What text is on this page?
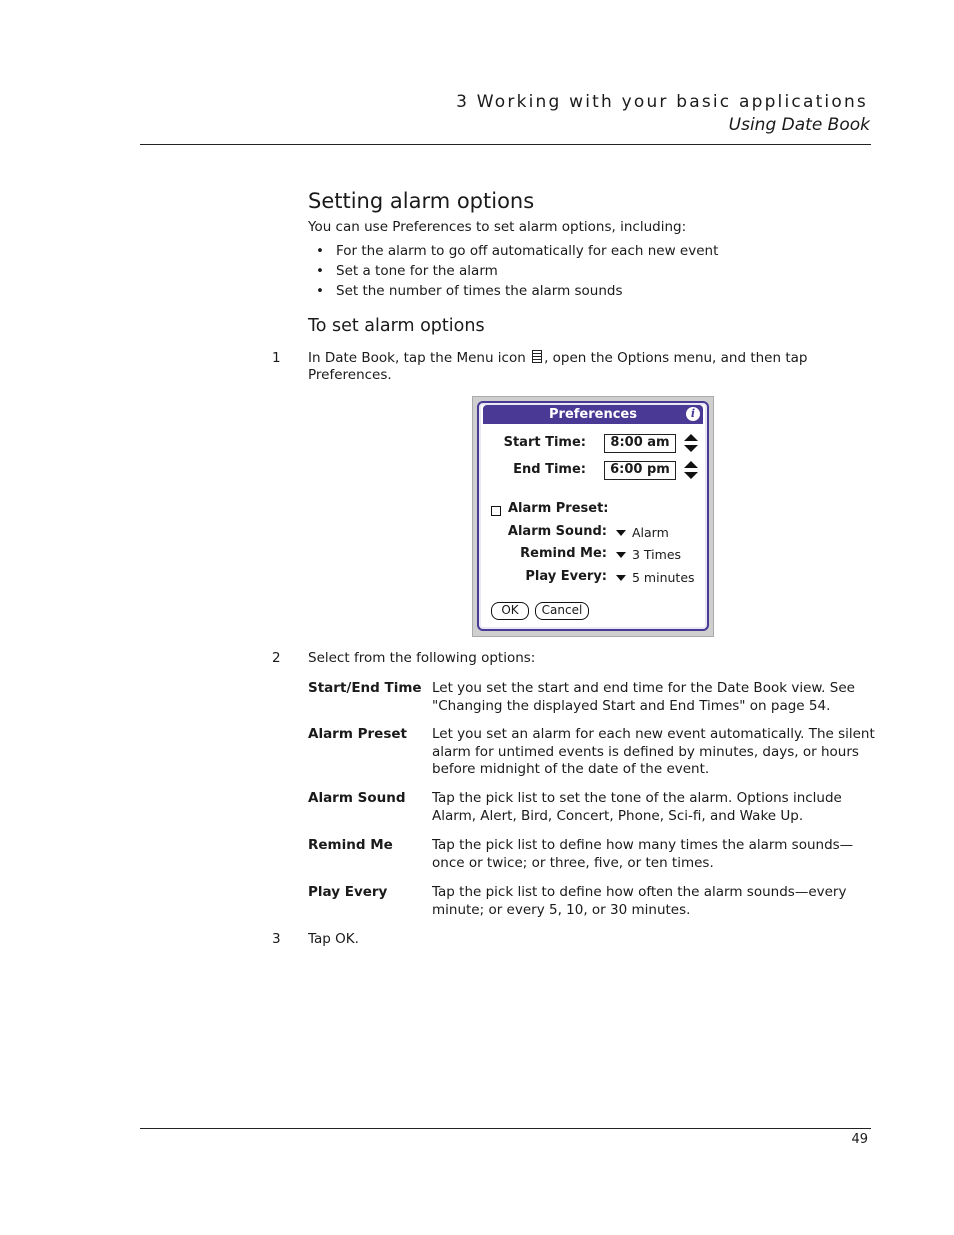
3 Working with your basic applications
Using Date Book
Setting alarm options
You can use Preferences to set alarm options, including:
• For the alarm to go off automatically for each new event
• Set a tone for the alarm
• Set the number of times the alarm sounds
To set alarm options
1 In Date Book, tap the Menu icon , open the Options menu, and then tap
Preferences.
Preferences	i
Start Time:	8:00 am
End Time:	6:00 pm
Alarm Preset:
Alarm Sound: Alarm
Remind Me: 3 Times
Play Every: 5 minutes
OK	Cancel
2 Select from the following options:
Start/End Time Let you set the start and end time for the Date Book view. See "Changing the displayed Start and End Times" on page 54.
Alarm Preset Let you set an alarm for each new event automatically. The silent alarm for untimed events is defined by minutes, days, or hours before midnight of the date of the event.
Alarm Sound Tap the pick list to set the tone of the alarm. Options include Alarm, Alert, Bird, Concert, Phone, Sci-fi, and Wake Up.
Remind Me	Tap the pick list to define how many times the alarm sounds—once or twice; or three, five, or ten times.
Play Every	Tap the pick list to define how often the alarm sounds—every minute; or every 5, 10, or 30 minutes.
3 Tap OK.
49
